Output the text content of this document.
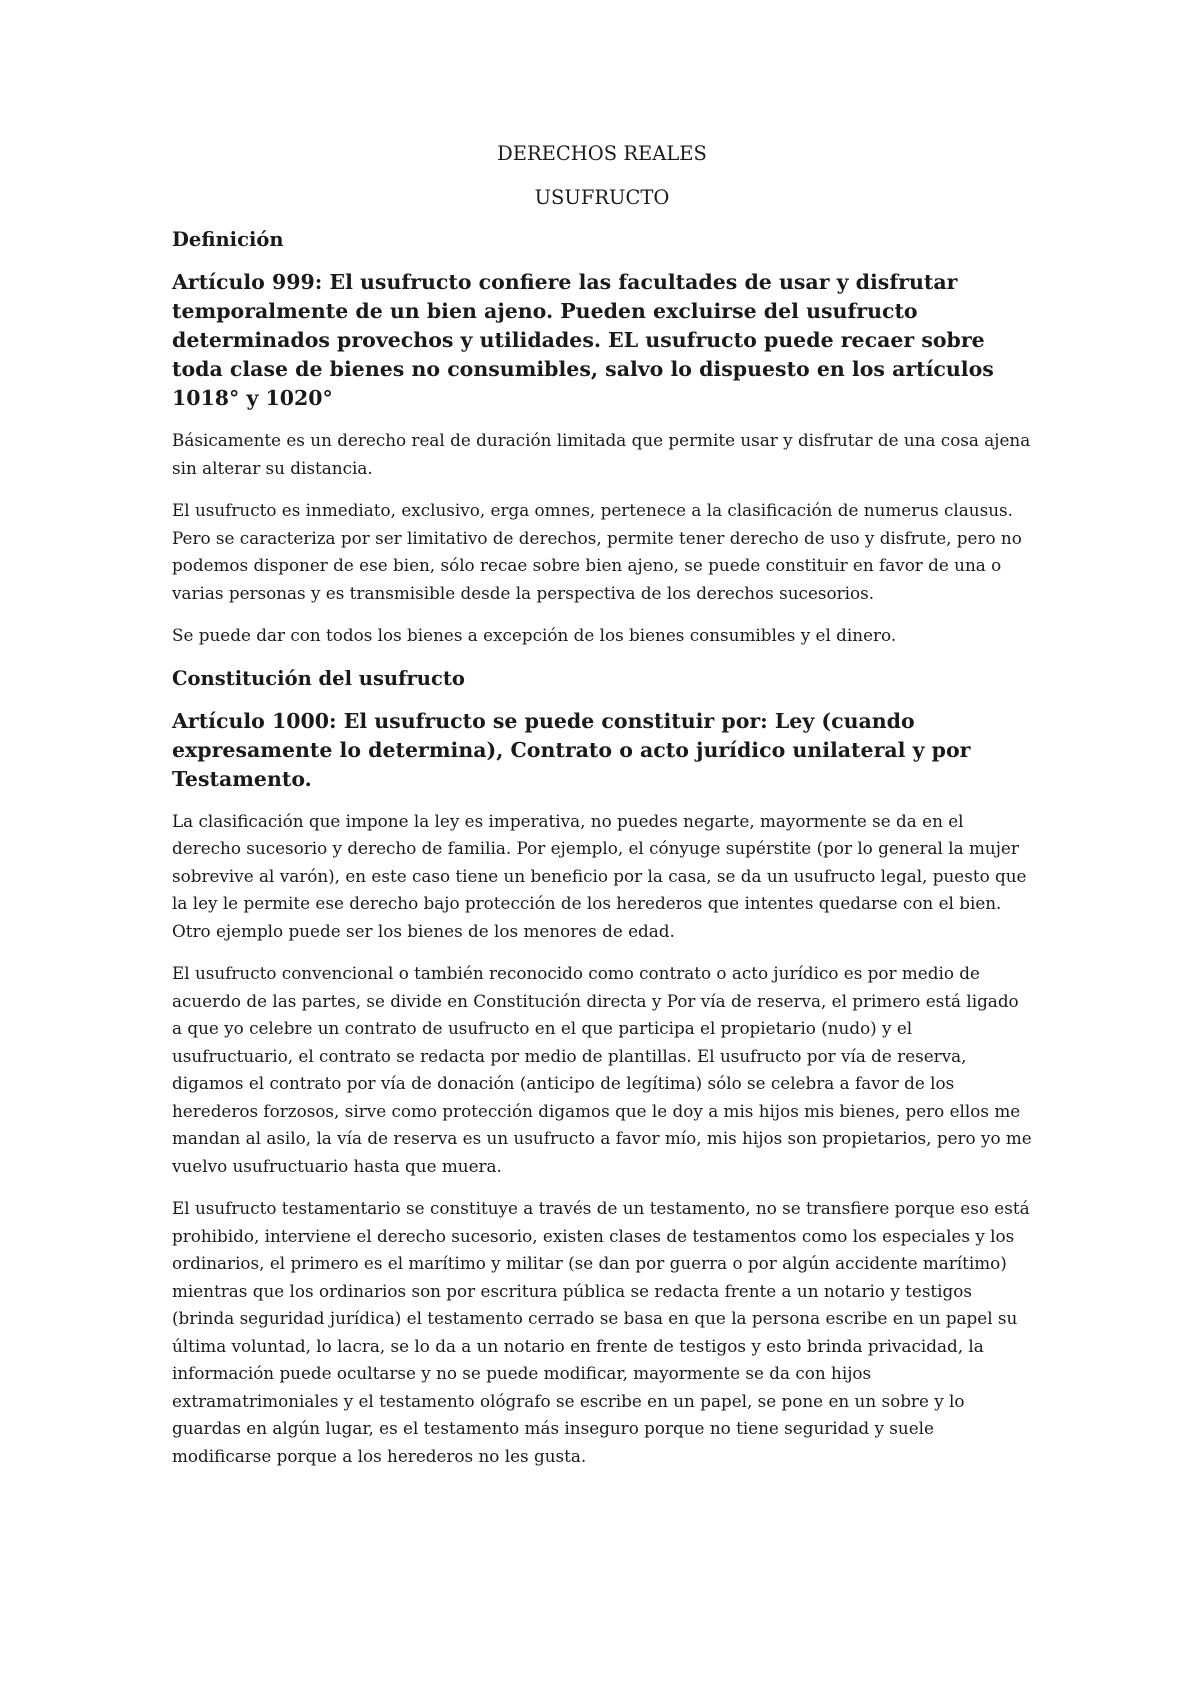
DERECHOS REALES

USUFRUCTO

Definición

Artículo 999: El usufructo confiere las facultades de usar y disfrutar temporalmente de un bien ajeno. Pueden excluirse del usufructo determinados provechos y utilidades. EL usufructo puede recaer sobre toda clase de bienes no consumibles, salvo lo dispuesto en los artículos 1018° y 1020°

Básicamente es un derecho real de duración limitada que permite usar y disfrutar de una cosa ajena sin alterar su distancia.

El usufructo es inmediato, exclusivo, erga omnes, pertenece a la clasificación de numerus clausus. Pero se caracteriza por ser limitativo de derechos, permite tener derecho de uso y disfrute, pero no podemos disponer de ese bien, sólo recae sobre bien ajeno, se puede constituir en favor de una o varias personas y es transmisible desde la perspectiva de los derechos sucesorios.

Se puede dar con todos los bienes a excepción de los bienes consumibles y el dinero.

Constitución del usufructo

Artículo 1000: El usufructo se puede constituir por: Ley (cuando expresamente lo determina), Contrato o acto jurídico unilateral y por Testamento.

La clasificación que impone la ley es imperativa, no puedes negarte, mayormente se da en el derecho sucesorio y derecho de familia. Por ejemplo, el cónyuge supérstite (por lo general la mujer sobrevive al varón), en este caso tiene un beneficio por la casa, se da un usufructo legal, puesto que la ley le permite ese derecho bajo protección de los herederos que intentes quedarse con el bien. Otro ejemplo puede ser los bienes de los menores de edad.

El usufructo convencional o también reconocido como contrato o acto jurídico es por medio de acuerdo de las partes, se divide en Constitución directa y Por vía de reserva, el primero está ligado a que yo celebre un contrato de usufructo en el que participa el propietario (nudo) y el usufructuario, el contrato se redacta por medio de plantillas. El usufructo por vía de reserva, digamos el contrato por vía de donación (anticipo de legítima) sólo se celebra a favor de los herederos forzosos, sirve como protección digamos que le doy a mis hijos mis bienes, pero ellos me mandan al asilo, la vía de reserva es un usufructo a favor mío, mis hijos son propietarios, pero yo me vuelvo usufructuario hasta que muera.

El usufructo testamentario se constituye a través de un testamento, no se transfiere porque eso está prohibido, interviene el derecho sucesorio, existen clases de testamentos como los especiales y los ordinarios, el primero es el marítimo y militar (se dan por guerra o por algún accidente marítimo) mientras que los ordinarios son por escritura pública se redacta frente a un notario y testigos (brinda seguridad jurídica) el testamento cerrado se basa en que la persona escribe en un papel su última voluntad, lo lacra, se lo da a un notario en frente de testigos y esto brinda privacidad, la información puede ocultarse y no se puede modificar, mayormente se da con hijos extramatrimoniales y el testamento ológrafo se escribe en un papel, se pone en un sobre y lo guardas en algún lugar, es el testamento más inseguro porque no tiene seguridad y suele modificarse porque a los herederos no les gusta.
